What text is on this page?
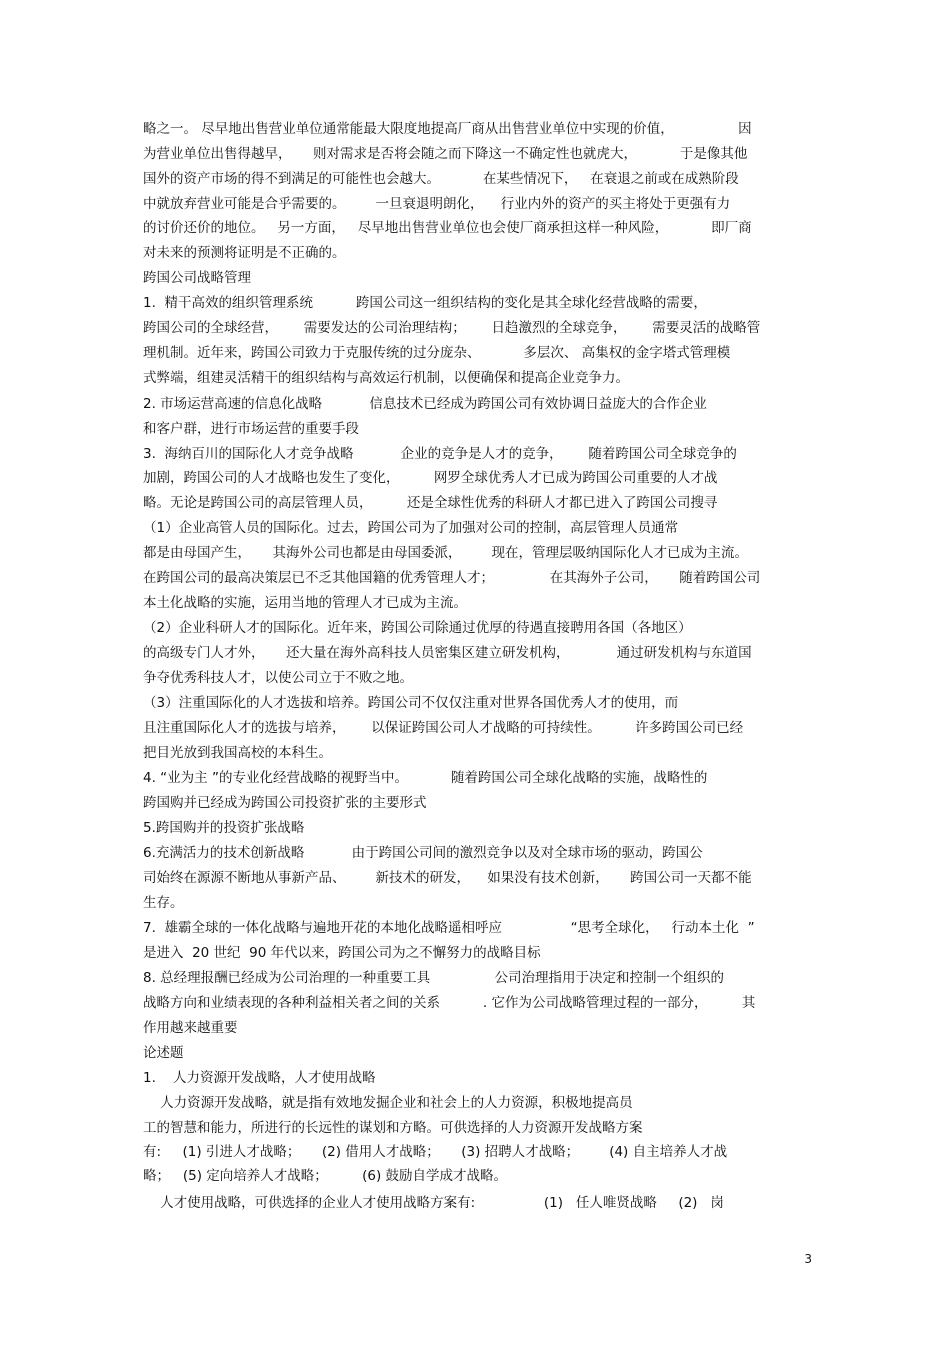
略之一。 尽早地出售营业单位通常能最大限度地提高厂商从出售营业单位中实现的价值，               因
为营业单位出售得越早，     则对需求是否将会随之而下降这一不确定性也就虎大，          于是像其他
国外的资产市场的得不到满足的可能性也会越大。          在某些情况下，   在衰退之前或在成熟阶段
中就放弃营业可能是合乎需要的。       一旦衰退明朗化，    行业内外的资产的买主将处于更强有力
的讨价还价的地位。   另一方面，   尽早地出售营业单位也会使厂商承担这样一种风险，          即厂商
对未来的预测将证明是不正确的。
跨国公司战略管理
1.  精干高效的组织管理系统          跨国公司这一组织结构的变化是其全球化经营战略的需要，
跨国公司的全球经营，      需要发达的公司治理结构；      日趋激烈的全球竞争，      需要灵活的战略管
理机制。近年来，跨国公司致力于克服传统的过分庞杂、          多层次、 高集权的金字塔式管理模
式弊端，组建灵活精干的组织结构与高效运行机制，以便确保和提高企业竞争力。
2. 市场运营高速的信息化战略           信息技术已经成为跨国公司有效协调日益庞大的合作企业
和客户群，进行市场运营的重要手段
3.  海纳百川的国际化人才竞争战略           企业的竞争是人才的竞争，      随着跨国公司全球竞争的
加剧，跨国公司的人才战略也发生了变化，        网罗全球优秀人才已成为跨国公司重要的人才战
略。无论是跨国公司的高层管理人员，        还是全球性优秀的科研人才都已进入了跨国公司搜寻
（1）企业高管人员的国际化。过去，跨国公司为了加强对公司的控制，高层管理人员通常
都是由母国产生，     其海外公司也都是由母国委派，       现在，管理层吸纳国际化人才已成为主流。
在跨国公司的最高决策层已不乏其他国籍的优秀管理人才；             在其海外子公司，     随着跨国公司
本土化战略的实施，运用当地的管理人才已成为主流。
（2）企业科研人才的国际化。近年来，跨国公司除通过优厚的待遇直接聘用各国（各地区）
的高级专门人才外，     还大量在海外高科技人员密集区建立研发机构，           通过研发机构与东道国
争夺优秀科技人才，以使公司立于不败之地。
（3）注重国际化的人才选拔和培养。跨国公司不仅仅注重对世界各国优秀人才的使用，而
且注重国际化人才的选拔与培养，      以保证跨国公司人才战略的可持续性。        许多跨国公司已经
把目光放到我国高校的本科生。
4. “业为主 ”的专业化经营战略的视野当中。          随着跨国公司全球化战略的实施，战略性的
跨国购并已经成为跨国公司投资扩张的主要形式
5.跨国购并的投资扩张战略
6.充满活力的技术创新战略           由于跨国公司间的激烈竞争以及对全球市场的驱动，跨国公
司始终在源源不断地从事新产品、       新技术的研发，    如果没有技术创新，     跨国公司一天都不能
生存。
7.  雄霸全球的一体化战略与遍地开花的本地化战略遥相呼应                “思考全球化，   行动本土化  ”
是进入  20 世纪  90 年代以来，跨国公司为之不懈努力的战略目标
8. 总经理报酬已经成为公司治理的一种重要工具               公司治理指用于决定和控制一个组织的
战略方向和业绩表现的各种利益相关者之间的关系          . 它作为公司战略管理过程的一部分，        其
作用越来越重要
论述题
1.    人力资源开发战略，人才使用战略
人力资源开发战略，就是指有效地发掘企业和社会上的人力资源，积极地提高员
工的智慧和能力，所进行的长远性的谋划和方略。可供选择的人力资源开发战略方案
有:     (1) 引进人才战略；     (2) 借用人才战略；     (3) 招聘人才战略；       (4) 自主培养人才战
略；   (5) 定向培养人才战略；        (6) 鼓励自学成才战略。
人才使用战略，可供选择的企业人才使用战略方案有:                (1)   任人唯贤战略     (2)   岗
3
